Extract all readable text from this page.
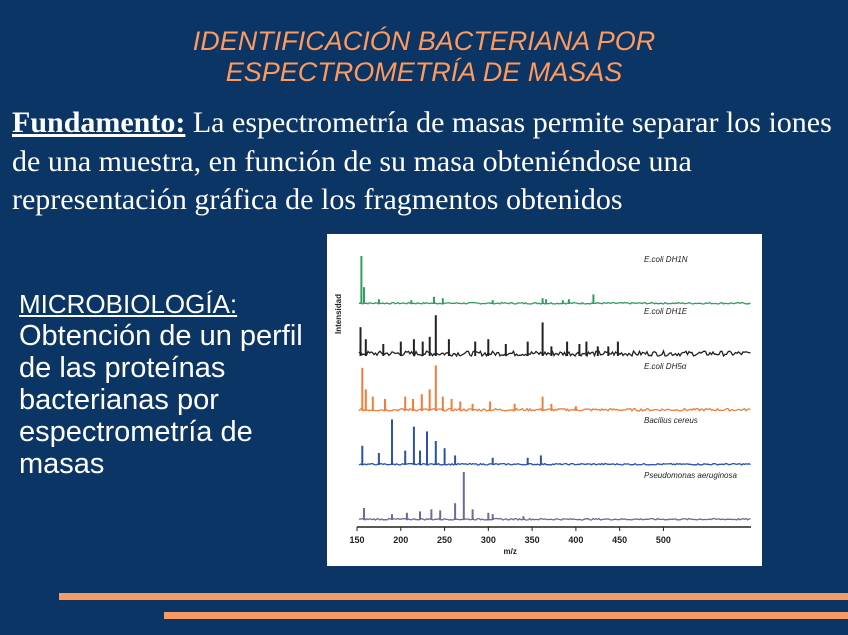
IDENTIFICACIÓN BACTERIANA POR
ESPECTROMETRÍA DE MASAS
Fundamento: La espectrometría de masas permite separar los iones de una muestra, en función de su masa obteniéndose una representación gráfica de los fragmentos obtenidos
MICROBIOLOGÍA:
Obtención de un perfil de las proteínas bacterianas por espectrometría de masas
E.coli DH1N
E.coli DH1E
E.coli DH5α
Bacilius cereus
Pseudomonas aeruginosa
150	200	250	300	350	400	450	500
m/z
Intensidad
